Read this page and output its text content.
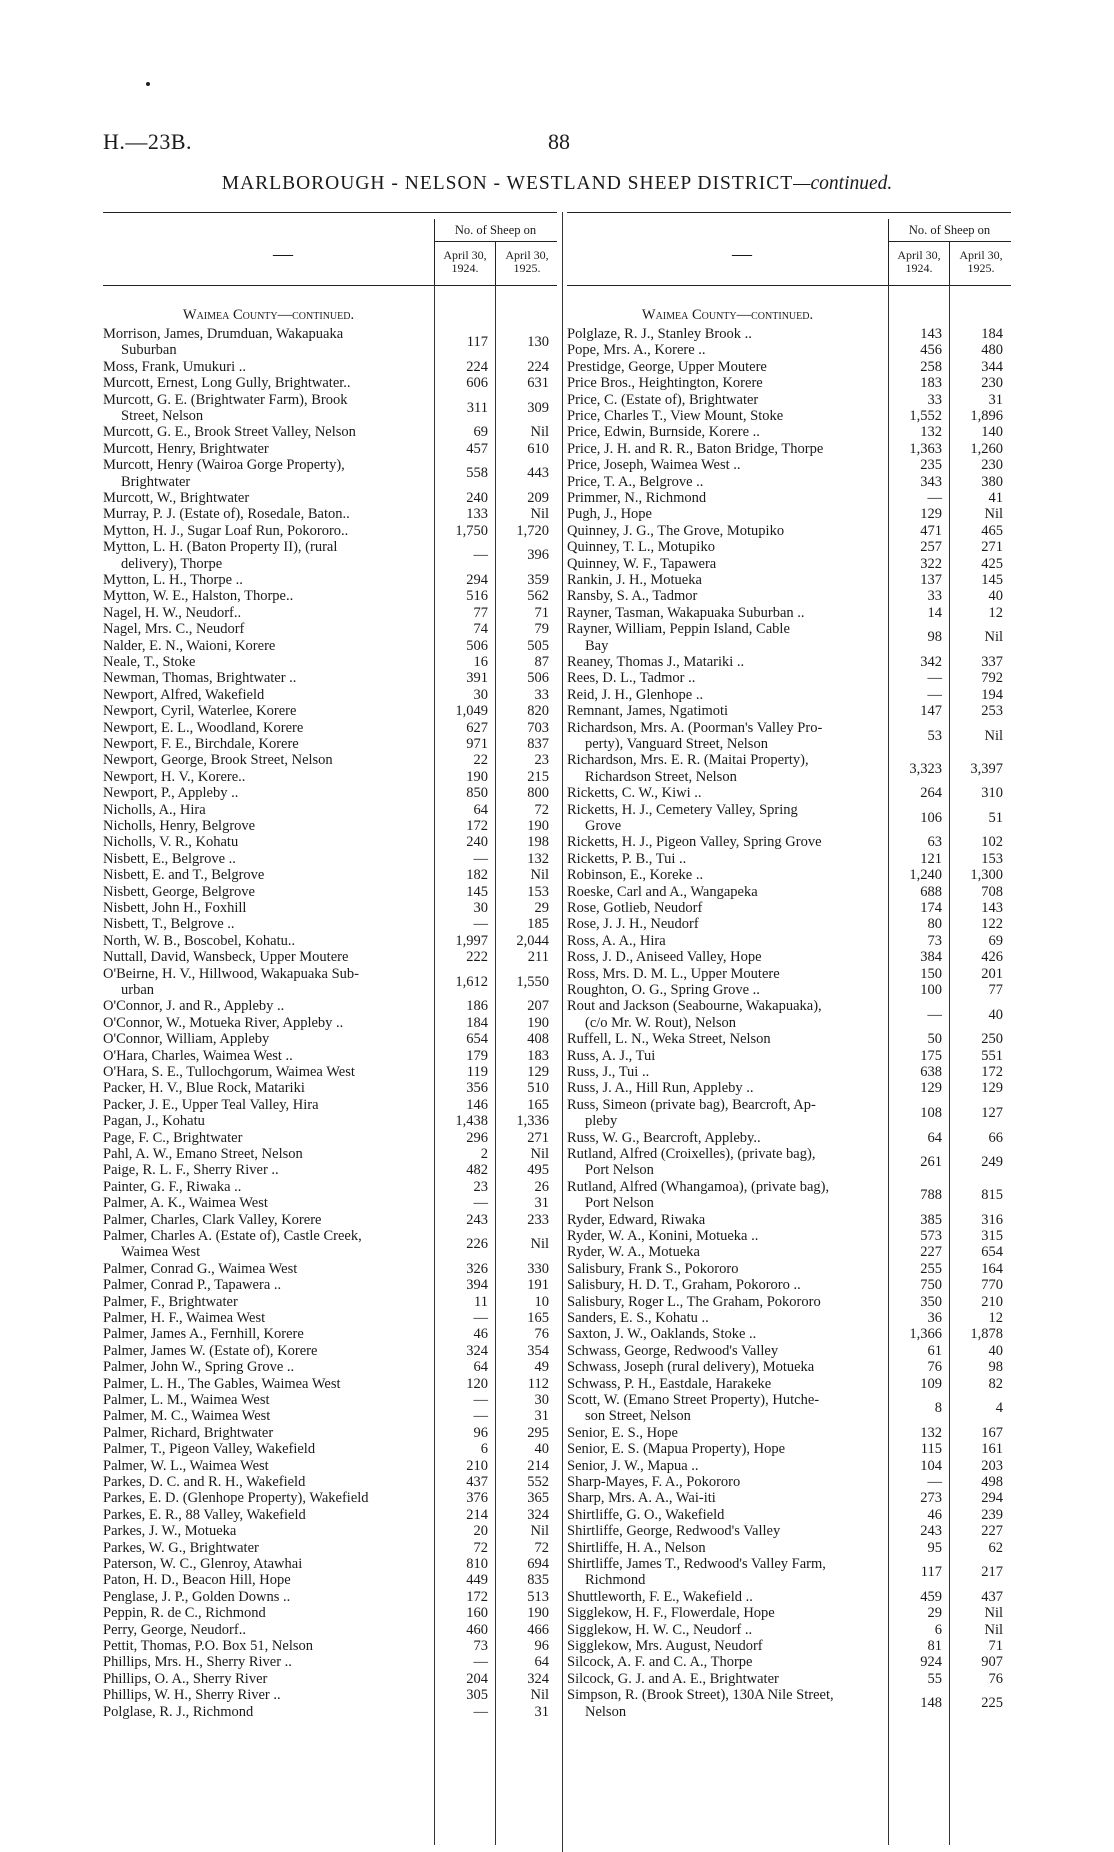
H.—23B.	88
MARLBOROUGH - NELSON - WESTLAND SHEEP DISTRICT—continued.
—
No. of Sheep on
April 30, 1924.
April 30, 1925.
Waimea County—continued.
Morrison, James, Drumduan, Wakapuaka
Suburban
117	130
Moss, Frank, Umukuri ..	224	224
Murcott, Ernest, Long Gully, Brightwater..	606	631
Murcott, G. E. (Brightwater Farm), Brook
Street, Nelson
311	309
Murcott, G. E., Brook Street Valley, Nelson	69	Nil
Murcott, Henry, Brightwater	457	610
Murcott, Henry (Wairoa Gorge Property),
Brightwater
558	443
Murcott, W., Brightwater	240	209
Murray, P. J. (Estate of), Rosedale, Baton..	133	Nil
Mytton, H. J., Sugar Loaf Run, Pokororo..	1,750	1,720
Mytton, L. H. (Baton Property II), (rural
delivery), Thorpe
—	396
Mytton, L. H., Thorpe ..	294	359
Mytton, W. E., Halston, Thorpe..	516	562
Nagel, H. W., Neudorf..	77	71
Nagel, Mrs. C., Neudorf	74	79
Nalder, E. N., Waioni, Korere	506	505
Neale, T., Stoke	16	87
Newman, Thomas, Brightwater ..	391	506
Newport, Alfred, Wakefield	30	33
Newport, Cyril, Waterlee, Korere	1,049	820
Newport, E. L., Woodland, Korere	627	703
Newport, F. E., Birchdale, Korere	971	837
Newport, George, Brook Street, Nelson	22	23
Newport, H. V., Korere..	190	215
Newport, P., Appleby ..	850	800
Nicholls, A., Hira	64	72
Nicholls, Henry, Belgrove	172	190
Nicholls, V. R., Kohatu	240	198
Nisbett, E., Belgrove ..	—	132
Nisbett, E. and T., Belgrove	182	Nil
Nisbett, George, Belgrove	145	153
Nisbett, John H., Foxhill	30	29
Nisbett, T., Belgrove ..	—	185
North, W. B., Boscobel, Kohatu..	1,997	2,044
Nuttall, David, Wansbeck, Upper Moutere	222	211
O'Beirne, H. V., Hillwood, Wakapuaka Sub-
urban
1,612	1,550
O'Connor, J. and R., Appleby ..	186	207
O'Connor, W., Motueka River, Appleby ..	184	190
O'Connor, William, Appleby	654	408
O'Hara, Charles, Waimea West ..	179	183
O'Hara, S. E., Tullochgorum, Waimea West	119	129
Packer, H. V., Blue Rock, Matariki	356	510
Packer, J. E., Upper Teal Valley, Hira	146	165
Pagan, J., Kohatu	1,438	1,336
Page, F. C., Brightwater	296	271
Pahl, A. W., Emano Street, Nelson	2	Nil
Paige, R. L. F., Sherry River ..	482	495
Painter, G. F., Riwaka ..	23	26
Palmer, A. K., Waimea West	—	31
Palmer, Charles, Clark Valley, Korere	243	233
Palmer, Charles A. (Estate of), Castle Creek,
Waimea West
226	Nil
Palmer, Conrad G., Waimea West	326	330
Palmer, Conrad P., Tapawera ..	394	191
Palmer, F., Brightwater	11	10
Palmer, H. F., Waimea West	—	165
Palmer, James A., Fernhill, Korere	46	76
Palmer, James W. (Estate of), Korere	324	354
Palmer, John W., Spring Grove ..	64	49
Palmer, L. H., The Gables, Waimea West	120	112
Palmer, L. M., Waimea West	—	30
Palmer, M. C., Waimea West	—	31
Palmer, Richard, Brightwater	96	295
Palmer, T., Pigeon Valley, Wakefield	6	40
Palmer, W. L., Waimea West	210	214
Parkes, D. C. and R. H., Wakefield	437	552
Parkes, E. D. (Glenhope Property), Wakefield	376	365
Parkes, E. R., 88 Valley, Wakefield	214	324
Parkes, J. W., Motueka	20	Nil
Parkes, W. G., Brightwater	72	72
Paterson, W. C., Glenroy, Atawhai	810	694
Paton, H. D., Beacon Hill, Hope	449	835
Penglase, J. P., Golden Downs ..	172	513
Peppin, R. de C., Richmond	160	190
Perry, George, Neudorf..	460	466
Pettit, Thomas, P.O. Box 51, Nelson	73	96
Phillips, Mrs. H., Sherry River ..	—	64
Phillips, O. A., Sherry River	204	324
Phillips, W. H., Sherry River ..	305	Nil
Polglase, R. J., Richmond	—	31
—
No. of Sheep on
April 30, 1924.
April 30, 1925.
Waimea County—continued.
Polglaze, R. J., Stanley Brook ..	143	184
Pope, Mrs. A., Korere ..	456	480
Prestidge, George, Upper Moutere	258	344
Price Bros., Heightington, Korere	183	230
Price, C. (Estate of), Brightwater	33	31
Price, Charles T., View Mount, Stoke	1,552	1,896
Price, Edwin, Burnside, Korere ..	132	140
Price, J. H. and R. R., Baton Bridge, Thorpe	1,363	1,260
Price, Joseph, Waimea West ..	235	230
Price, T. A., Belgrove ..	343	380
Primmer, N., Richmond	—	41
Pugh, J., Hope	129	Nil
Quinney, J. G., The Grove, Motupiko	471	465
Quinney, T. L., Motupiko	257	271
Quinney, W. F., Tapawera	322	425
Rankin, J. H., Motueka	137	145
Ransby, S. A., Tadmor	33	40
Rayner, Tasman, Wakapuaka Suburban ..	14	12
Rayner, William, Peppin Island, Cable
Bay
98	Nil
Reaney, Thomas J., Matariki ..	342	337
Rees, D. L., Tadmor ..	—	792
Reid, J. H., Glenhope ..	—	194
Remnant, James, Ngatimoti	147	253
Richardson, Mrs. A. (Poorman's Valley Pro-
perty), Vanguard Street, Nelson
53	Nil
Richardson, Mrs. E. R. (Maitai Property),
Richardson Street, Nelson
3,323	3,397
Ricketts, C. W., Kiwi ..	264	310
Ricketts, H. J., Cemetery Valley, Spring
Grove
106	51
Ricketts, H. J., Pigeon Valley, Spring Grove	63	102
Ricketts, P. B., Tui ..	121	153
Robinson, E., Koreke ..	1,240	1,300
Roeske, Carl and A., Wangapeka	688	708
Rose, Gotlieb, Neudorf	174	143
Rose, J. J. H., Neudorf	80	122
Ross, A. A., Hira	73	69
Ross, J. D., Aniseed Valley, Hope	384	426
Ross, Mrs. D. M. L., Upper Moutere	150	201
Roughton, O. G., Spring Grove ..	100	77
Rout and Jackson (Seabourne, Wakapuaka),
(c/o Mr. W. Rout), Nelson
—	40
Ruffell, L. N., Weka Street, Nelson	50	250
Russ, A. J., Tui	175	551
Russ, J., Tui ..	638	172
Russ, J. A., Hill Run, Appleby ..	129	129
Russ, Simeon (private bag), Bearcroft, Ap-
pleby
108	127
Russ, W. G., Bearcroft, Appleby..	64	66
Rutland, Alfred (Croixelles), (private bag),
Port Nelson
261	249
Rutland, Alfred (Whangamoa), (private bag),
Port Nelson
788	815
Ryder, Edward, Riwaka	385	316
Ryder, W. A., Konini, Motueka ..	573	315
Ryder, W. A., Motueka	227	654
Salisbury, Frank S., Pokororo	255	164
Salisbury, H. D. T., Graham, Pokororo ..	750	770
Salisbury, Roger L., The Graham, Pokororo	350	210
Sanders, E. S., Kohatu ..	36	12
Saxton, J. W., Oaklands, Stoke ..	1,366	1,878
Schwass, George, Redwood's Valley	61	40
Schwass, Joseph (rural delivery), Motueka	76	98
Schwass, P. H., Eastdale, Harakeke	109	82
Scott, W. (Emano Street Property), Hutche-
son Street, Nelson
8	4
Senior, E. S., Hope	132	167
Senior, E. S. (Mapua Property), Hope	115	161
Senior, J. W., Mapua ..	104	203
Sharp-Mayes, F. A., Pokororo	—	498
Sharp, Mrs. A. A., Wai-iti	273	294
Shirtliffe, G. O., Wakefield	46	239
Shirtliffe, George, Redwood's Valley	243	227
Shirtliffe, H. A., Nelson	95	62
Shirtliffe, James T., Redwood's Valley Farm,
Richmond
117	217
Shuttleworth, F. E., Wakefield ..	459	437
Sigglekow, H. F., Flowerdale, Hope	29	Nil
Sigglekow, H. W. C., Neudorf ..	6	Nil
Sigglekow, Mrs. August, Neudorf	81	71
Silcock, A. F. and C. A., Thorpe	924	907
Silcock, G. J. and A. E., Brightwater	55	76
Simpson, R. (Brook Street), 130A Nile Street,
Nelson
148	225
